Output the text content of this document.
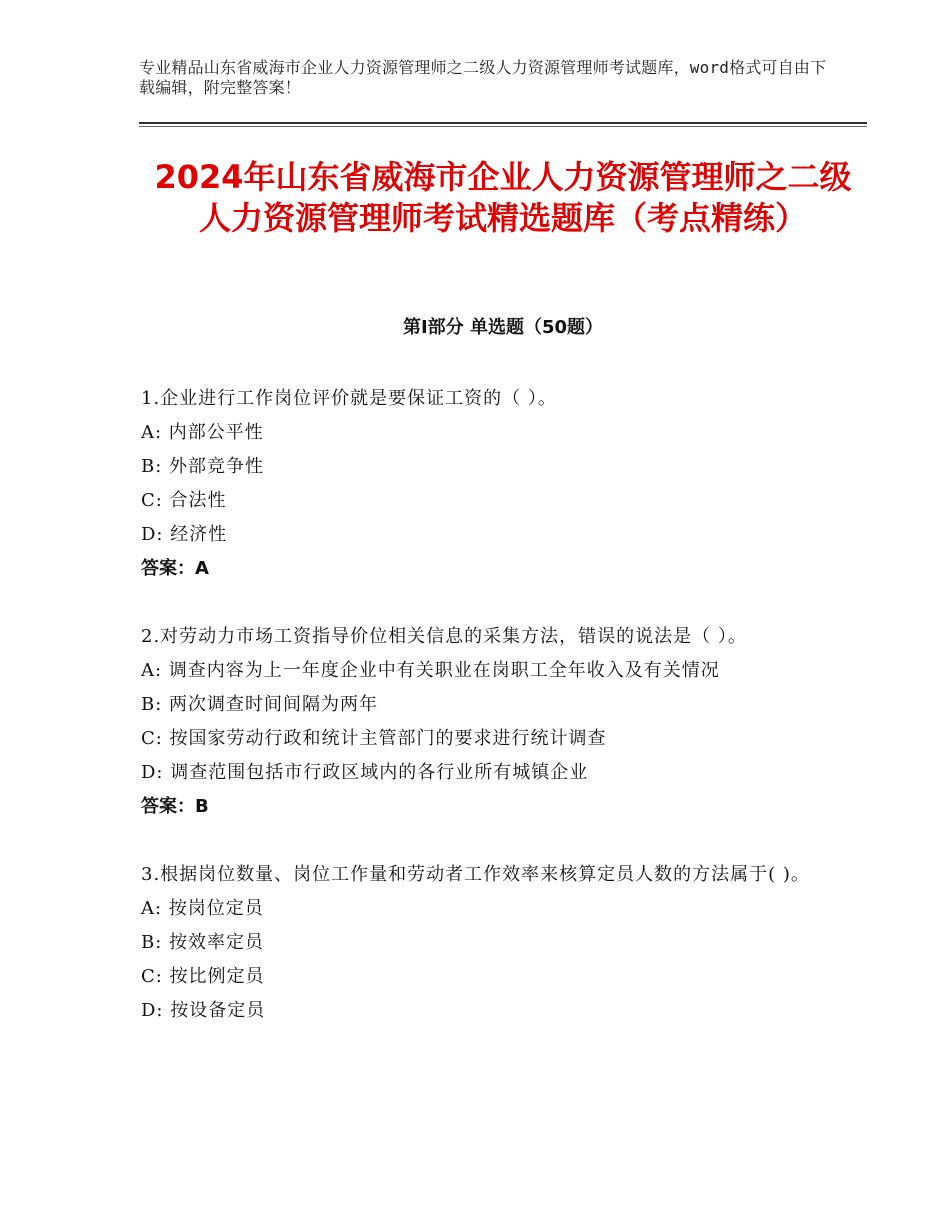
专业精品山东省威海市企业人力资源管理师之二级人力资源管理师考试题库，word格式可自由下载编辑，附完整答案！
2024年山东省威海市企业人力资源管理师之二级人力资源管理师考试精选题库（考点精练）
第Ⅰ部分 单选题（50题）
1.企业进行工作岗位评价就是要保证工资的（ ）。
A: 内部公平性
B: 外部竞争性
C: 合法性
D: 经济性
答案：A
2.对劳动力市场工资指导价位相关信息的采集方法，错误的说法是（ ）。
A: 调查内容为上一年度企业中有关职业在岗职工全年收入及有关情况
B: 两次调查时间间隔为两年
C: 按国家劳动行政和统计主管部门的要求进行统计调查
D: 调查范围包括市行政区域内的各行业所有城镇企业
答案：B
3.根据岗位数量、岗位工作量和劳动者工作效率来核算定员人数的方法属于( )。
A: 按岗位定员
B: 按效率定员
C: 按比例定员
D: 按设备定员
